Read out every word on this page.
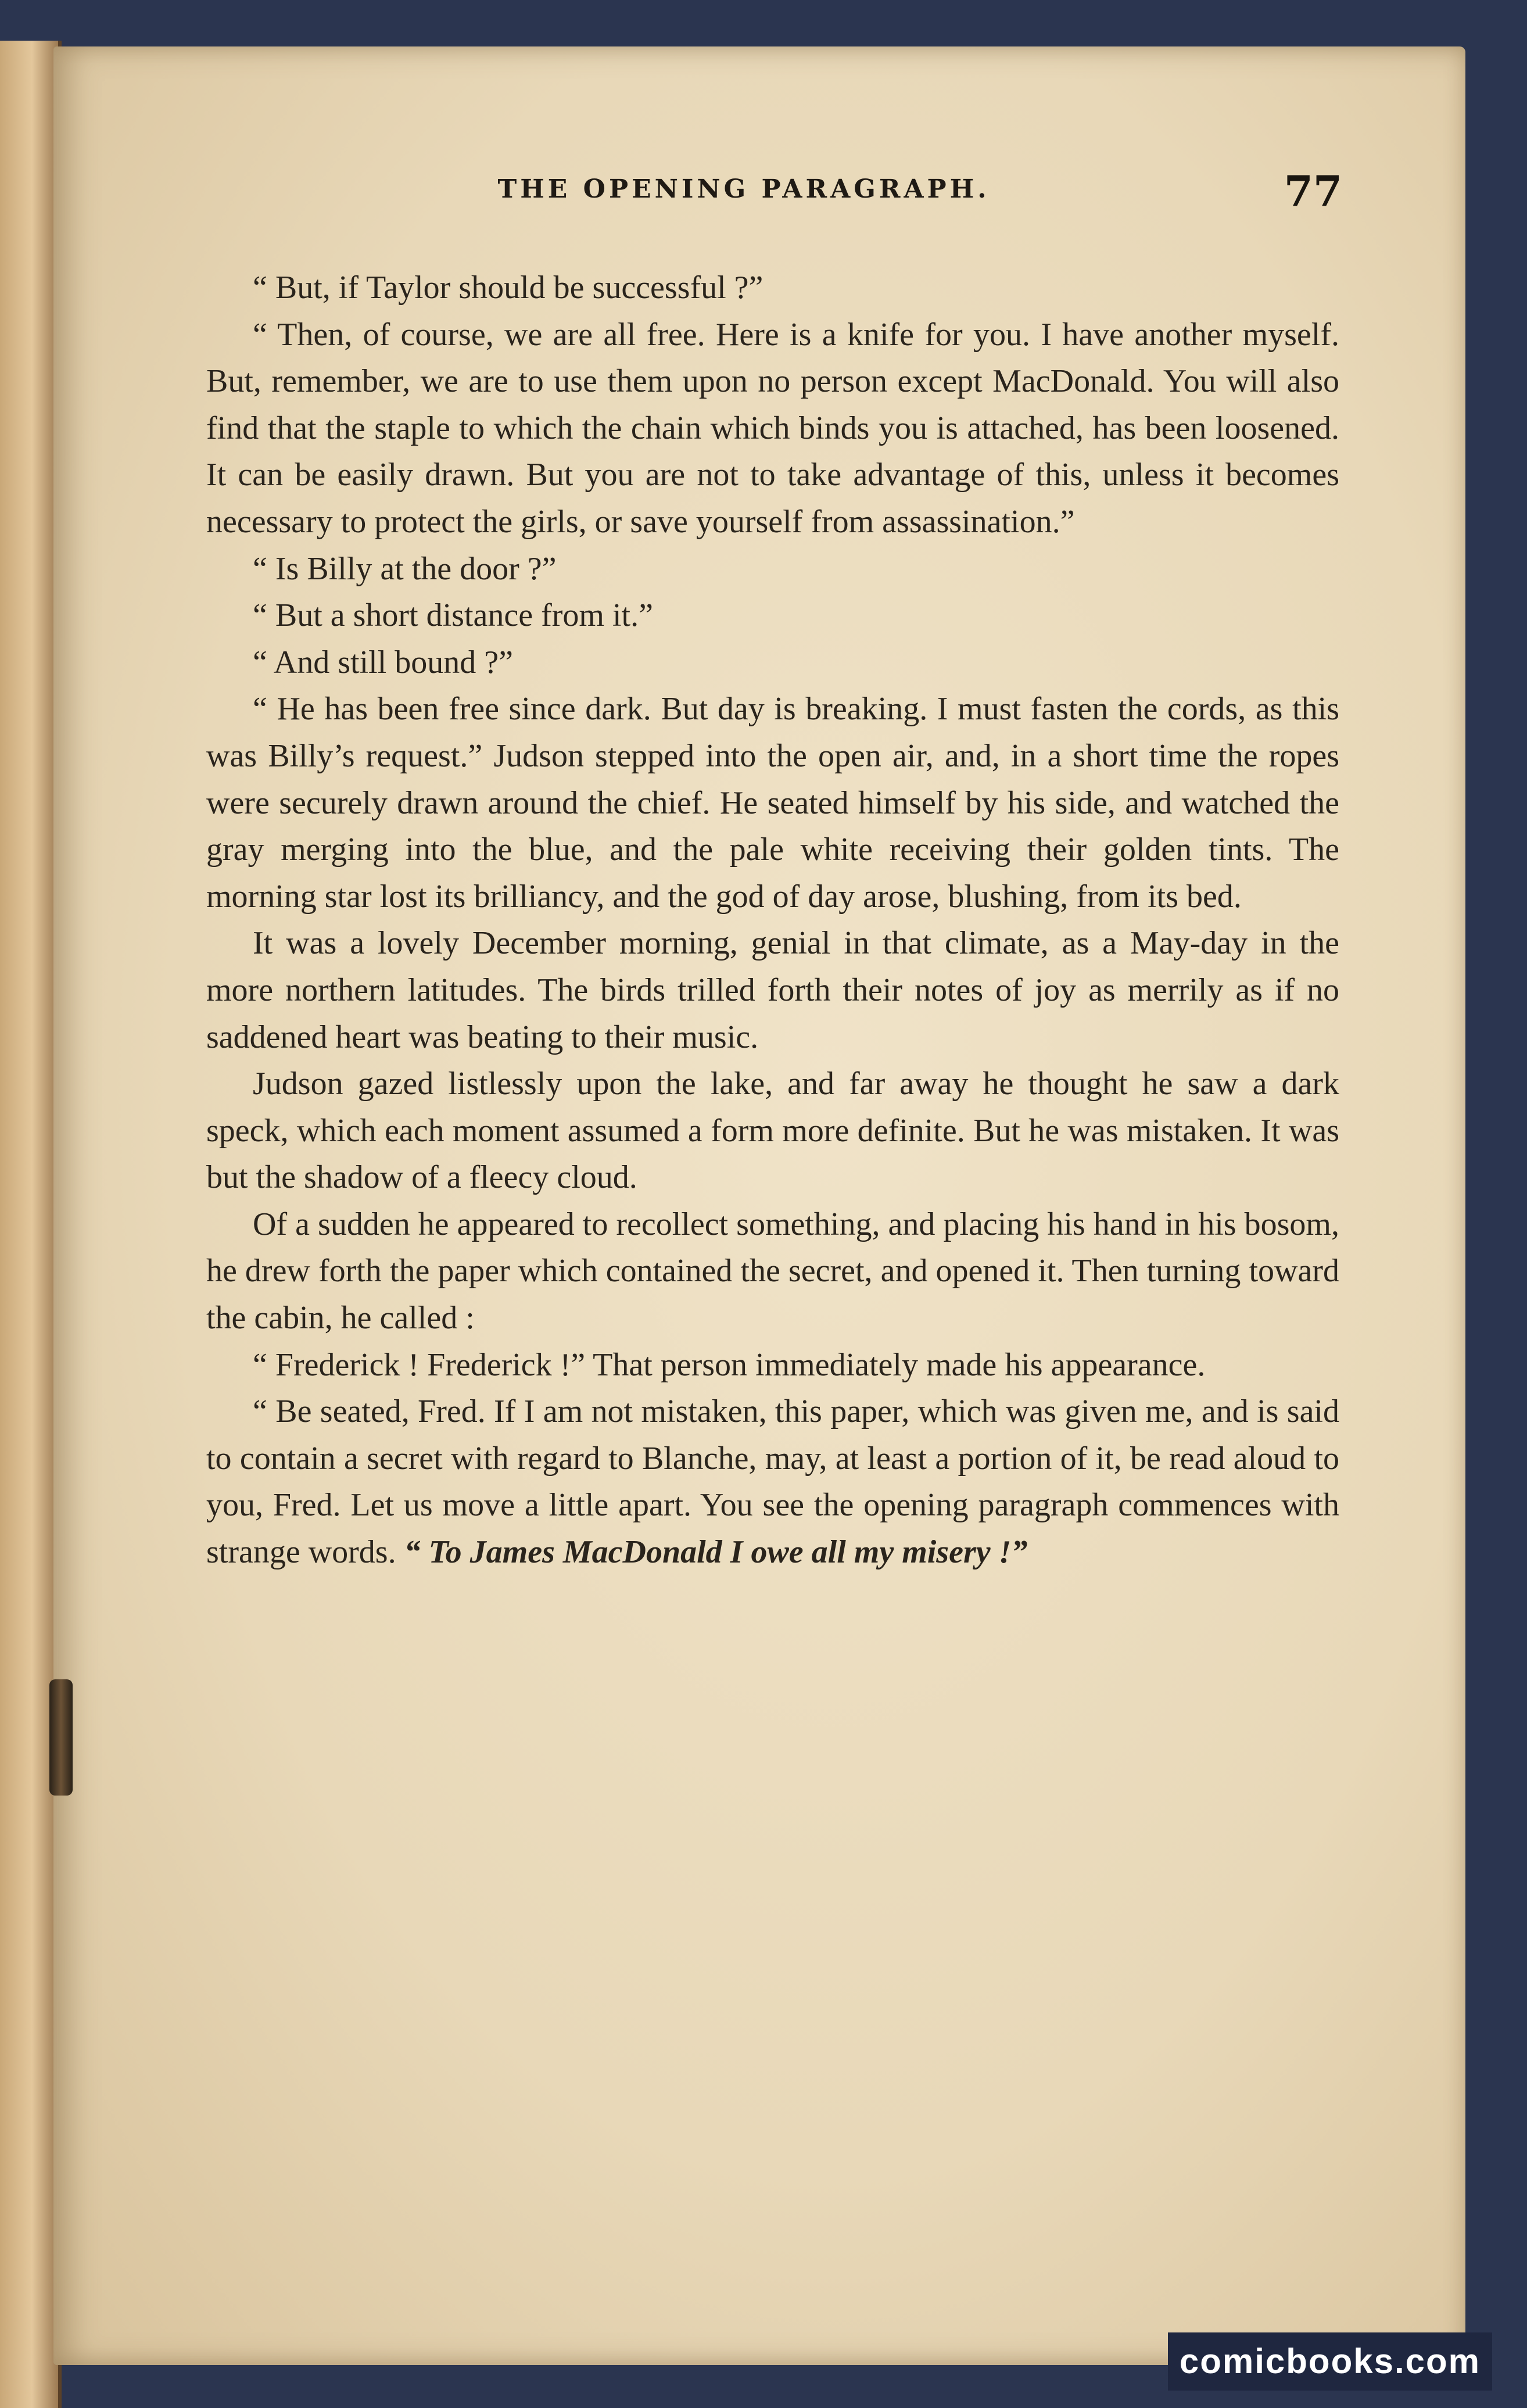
THE OPENING PARAGRAPH.	77

“ But, if Taylor should be successful ?”

“ Then, of course, we are all free. Here is a knife for you. I have another myself. But, remember, we are to use them upon no person except MacDonald. You will also find that the staple to which the chain which binds you is attached, has been loosened. It can be easily drawn. But you are not to take advantage of this, unless it becomes necessary to protect the girls, or save yourself from assassination.”

“ Is Billy at the door ?”

“ But a short distance from it.”

“ And still bound ?”

“ He has been free since dark. But day is breaking. I must fasten the cords, as this was Billy’s request.” Judson stepped into the open air, and, in a short time the ropes were securely drawn around the chief. He seated himself by his side, and watched the gray merging into the blue, and the pale white receiving their golden tints. The morning star lost its brilliancy, and the god of day arose, blushing, from its bed.

It was a lovely December morning, genial in that climate, as a May-day in the more northern latitudes. The birds trilled forth their notes of joy as merrily as if no saddened heart was beating to their music.

Judson gazed listlessly upon the lake, and far away he thought he saw a dark speck, which each moment assumed a form more definite. But he was mistaken. It was but the shadow of a fleecy cloud.

Of a sudden he appeared to recollect something, and placing his hand in his bosom, he drew forth the paper which contained the secret, and opened it. Then turning toward the cabin, he called :

“ Frederick ! Frederick !” That person immediately made his appearance.

“ Be seated, Fred. If I am not mistaken, this paper, which was given me, and is said to contain a secret with regard to Blanche, may, at least a portion of it, be read aloud to you, Fred. Let us move a little apart. You see the opening paragraph commences with strange words. “ To James MacDonald I owe all my misery !”

comicbooks.com
